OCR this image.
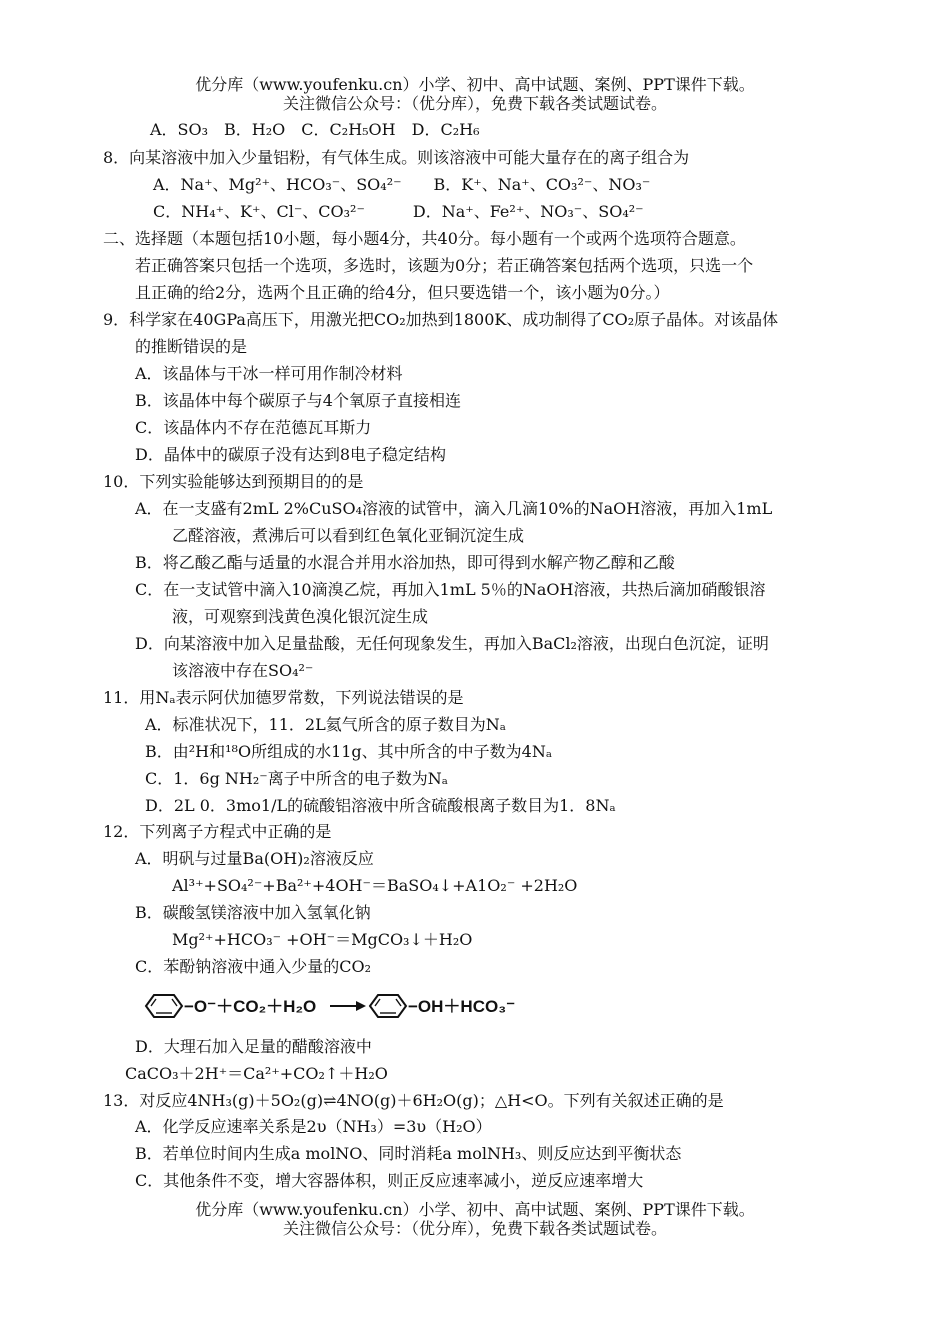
优分库（www.youfenku.cn）小学、初中、高中试题、案例、PPT课件下载。
关注微信公众号：（优分库），免费下载各类试题试卷。
A．SO₃　B．H₂O　C．C₂H₅OH　D．C₂H₆
8．向某溶液中加入少量铝粉，有气体生成。则该溶液中可能大量存在的离子组合为
A．Na⁺、Mg²⁺、HCO₃⁻、SO₄²⁻　　B．K⁺、Na⁺、CO₃²⁻、NO₃⁻
C．NH₄⁺、K⁺、Cl⁻、CO₃²⁻　　　D．Na⁺、Fe²⁺、NO₃⁻、SO₄²⁻
二、选择题（本题包括10小题，每小题4分，共40分。每小题有一个或两个选项符合题意。
若正确答案只包括一个选项，多选时，该题为0分；若正确答案包括两个选项，只选一个
且正确的给2分，选两个且正确的给4分，但只要选错一个，该小题为0分。）
9．科学家在40GPa高压下，用激光把CO₂加热到1800K、成功制得了CO₂原子晶体。对该晶体
的推断错误的是
A．该晶体与干冰一样可用作制冷材料
B．该晶体中每个碳原子与4个氧原子直接相连
C．该晶体内不存在范德瓦耳斯力
D．晶体中的碳原子没有达到8电子稳定结构
10．下列实验能够达到预期目的的是
A．在一支盛有2mL 2%CuSO₄溶液的试管中，滴入几滴10%的NaOH溶液，再加入1mL
乙醛溶液，煮沸后可以看到红色氧化亚铜沉淀生成
B．将乙酸乙酯与适量的水混合并用水浴加热，即可得到水解产物乙醇和乙酸
C．在一支试管中滴入10滴溴乙烷，再加入1mL 5％的NaOH溶液，共热后滴加硝酸银溶
液，可观察到浅黄色溴化银沉淀生成
D．向某溶液中加入足量盐酸，无任何现象发生，再加入BaCl₂溶液，出现白色沉淀，证明
该溶液中存在SO₄²⁻
11．用Nₐ表示阿伏加德罗常数，下列说法错误的是
A．标准状况下，11．2L氦气所含的原子数目为Nₐ
B．由²H和¹⁸O所组成的水11g、其中所含的中子数为4Nₐ
C．1．6g NH₂⁻离子中所含的电子数为Nₐ
D．2L 0．3mo1/L的硫酸铝溶液中所含硫酸根离子数目为1．8Nₐ
12．下列离子方程式中正确的是
A．明矾与过量Ba(OH)₂溶液反应
Al³⁺+SO₄²⁻+Ba²⁺+4OH⁻＝BaSO₄↓+A1O₂⁻ +2H₂O
B．碳酸氢镁溶液中加入氢氧化钠
Mg²⁺+HCO₃⁻ +OH⁻＝MgCO₃↓＋H₂O
C．苯酚钠溶液中通入少量的CO₂
−O⁻＋CO₂＋H₂O	−OH＋HCO₃⁻
D．大理石加入足量的醋酸溶液中
CaCO₃＋2H⁺＝Ca²⁺+CO₂↑＋H₂O
13．对反应4NH₃(g)＋5O₂(g)⇌4NO(g)＋6H₂O(g)；△H<O。下列有关叙述正确的是
A．化学反应速率关系是2υ（NH₃）=3υ（H₂O）
B．若单位时间内生成a molNO、同时消耗a molNH₃、则反应达到平衡状态
C．其他条件不变，增大容器体积，则正反应速率减小，逆反应速率增大
优分库（www.youfenku.cn）小学、初中、高中试题、案例、PPT课件下载。
关注微信公众号：（优分库），免费下载各类试题试卷。
